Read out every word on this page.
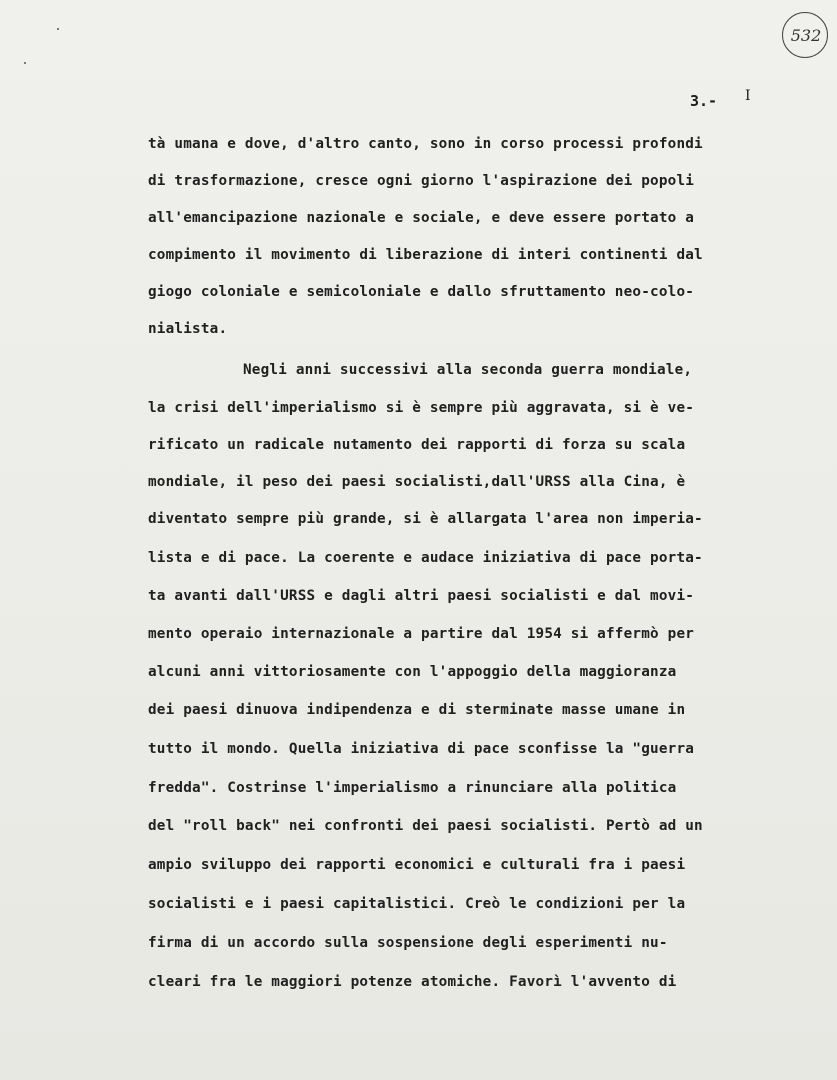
532
3.- I
tà umana e dove, d'altro canto, sono in corso processi profondi
di trasformazione, cresce ogni giorno l'aspirazione dei popoli
all'emancipazione nazionale e sociale, e deve essere portato a
compimento il movimento di liberazione di interi continenti dal
giogo coloniale e semicoloniale e dallo sfruttamento neo-colo-
nialista.
Negli anni successivi alla seconda guerra mondiale,
la crisi dell'imperialismo si è sempre più aggravata, si è ve-
rificato un radicale nutamento dei rapporti di forza su scala
mondiale, il peso dei paesi socialisti,dall'URSS alla Cina, è
diventato sempre più grande, si è allargata l'area non imperia-
lista e di pace. La coerente e audace iniziativa di pace porta-
ta avanti dall'URSS e dagli altri paesi socialisti e dal movi-
mento operaio internazionale a partire dal 1954 si affermò per
alcuni anni vittoriosamente con l'appoggio della maggioranza
dei paesi dinuova indipendenza e di sterminate masse umane in
tutto il mondo. Quella iniziativa di pace sconfisse la "guerra
fredda". Costrinse l'imperialismo a rinunciare alla politica
del "roll back" nei confronti dei paesi socialisti. Pertò ad un
ampio sviluppo dei rapporti economici e culturali fra i paesi
socialisti e i paesi capitalistici. Creò le condizioni per la
firma di un accordo sulla sospensione degli esperimenti nu-
cleari fra le maggiori potenze atomiche. Favorì l'avvento di
